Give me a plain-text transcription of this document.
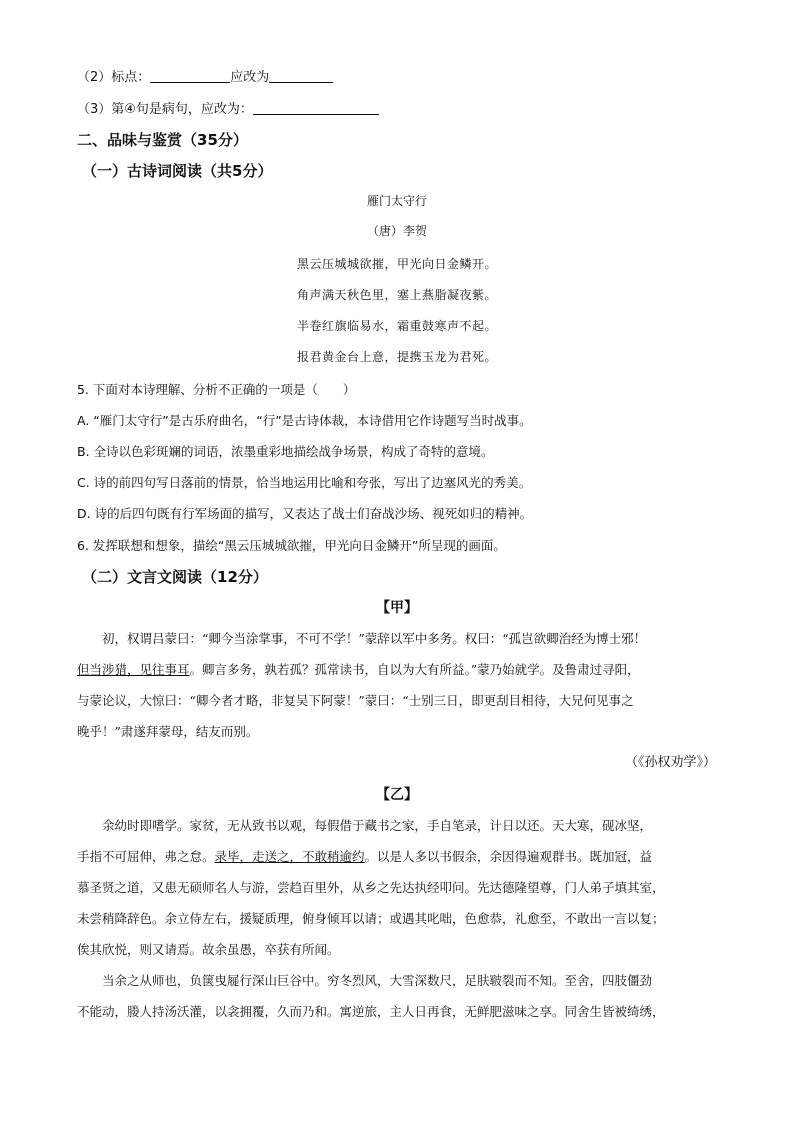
（2）标点：	应改为
（3）第④句是病句，应改为：
二、品味与鉴赏（35分）
（一）古诗词阅读（共5分）
雁门太守行
（唐）李贺
黑云压城城欲摧，甲光向日金鳞开。
角声满天秋色里，塞上燕脂凝夜紫。
半卷红旗临易水，霜重鼓寒声不起。
报君黄金台上意，提携玉龙为君死。
5. 下面对本诗理解、分析不正确的一项是（　　）
A. “雁门太守行”是古乐府曲名，“行”是古诗体裁，本诗借用它作诗题写当时战事。
B. 全诗以色彩斑斓的词语，浓墨重彩地描绘战争场景，构成了奇特的意境。
C. 诗的前四句写日落前的情景，恰当地运用比喻和夸张，写出了边塞风光的秀美。
D. 诗的后四句既有行军场面的描写，又表达了战士们奋战沙场、视死如归的精神。
6. 发挥联想和想象，描绘“黑云压城城欲摧，甲光向日金鳞开”所呈现的画面。
（二）文言文阅读（12分）
【甲】
初，权谓吕蒙曰：“卿今当涂掌事，不可不学！”蒙辞以军中多务。权曰：“孤岂欲卿治经为博士邪！
但当涉猎，见往事耳。卿言多务，孰若孤？孤常读书，自以为大有所益。”蒙乃始就学。及鲁肃过寻阳，
与蒙论议，大惊曰：“卿今者才略，非复吴下阿蒙！”蒙曰：“士别三日，即更刮目相待，大兄何见事之
晚乎！”肃遂拜蒙母，结友而别。
（《孙权劝学》）
【乙】
余幼时即嗜学。家贫，无从致书以观，每假借于藏书之家，手自笔录，计日以还。天大寒，砚冰坚，
手指不可屈伸，弗之怠。录毕，走送之，不敢稍逾约。以是人多以书假余，余因得遍观群书。既加冠，益
慕圣贤之道，又患无硕师名人与游，尝趋百里外，从乡之先达执经叩问。先达德隆望尊，门人弟子填其室，
未尝稍降辞色。余立侍左右，援疑质理，俯身倾耳以请；或遇其叱咄，色愈恭，礼愈至，不敢出一言以复；
俟其欣悦，则又请焉。故余虽愚，卒获有所闻。
当余之从师也，负箧曳屣行深山巨谷中。穷冬烈风，大雪深数尺，足肤皲裂而不知。至舍，四肢僵劲
不能动，媵人持汤沃灌，以衾拥覆，久而乃和。寓逆旅，主人日再食，无鲜肥滋味之享。同舍生皆被绮绣，
